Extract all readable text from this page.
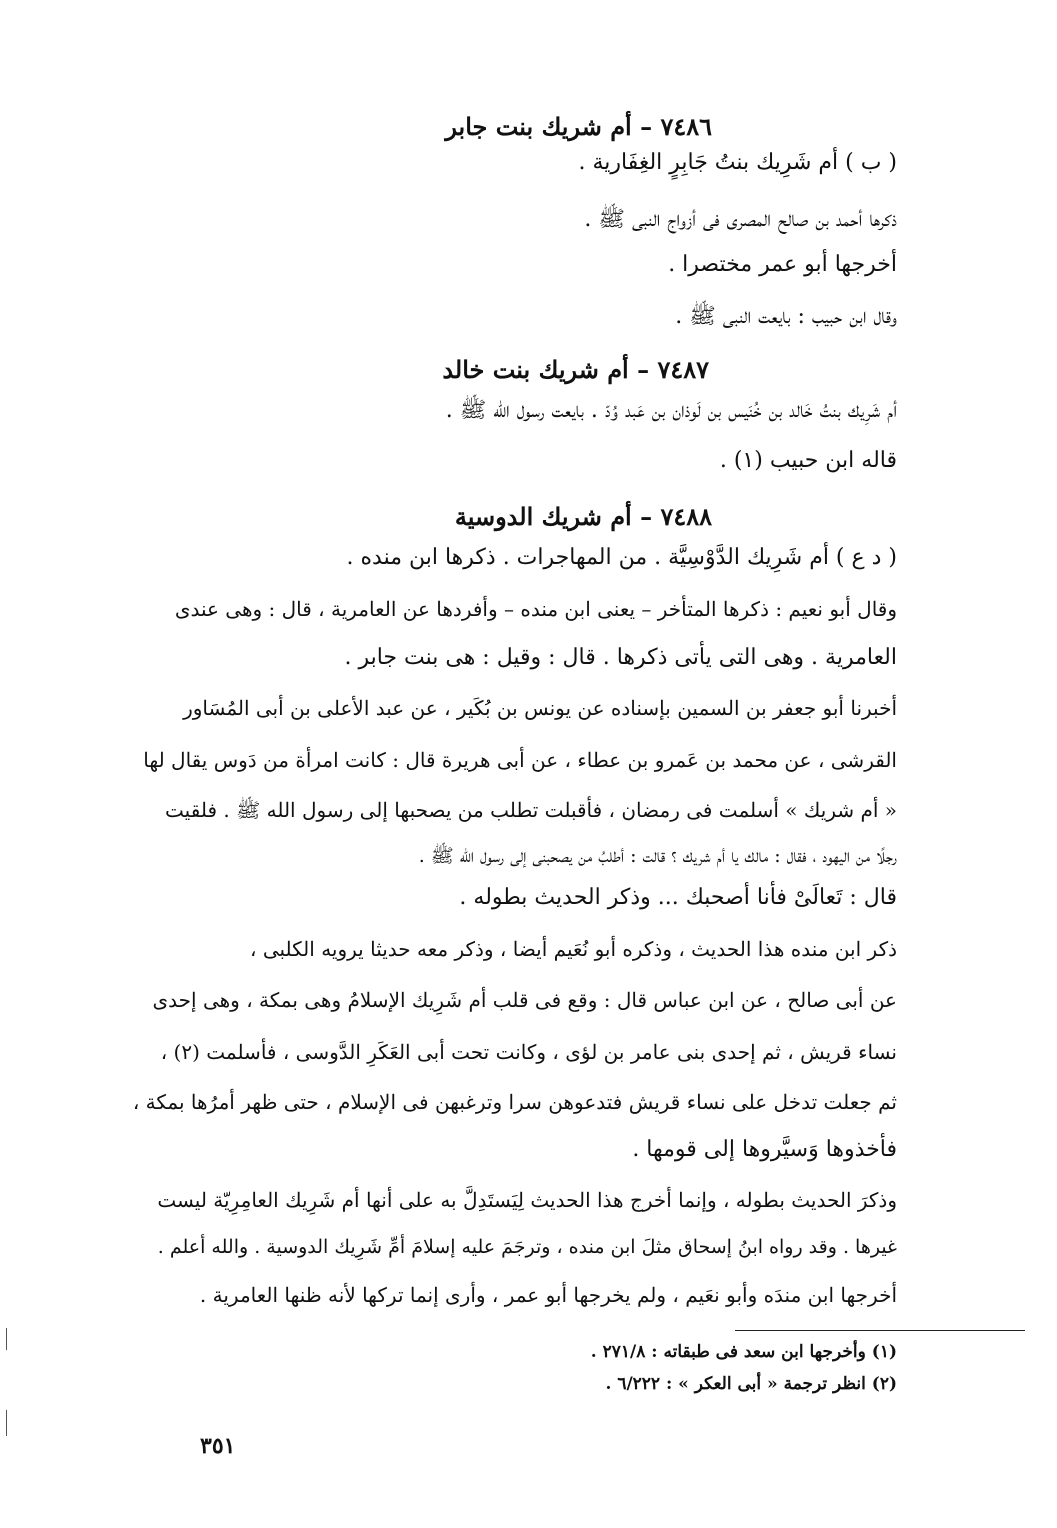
٧٤٨٦ – أم شريك بنت جابر
( ب ) أم شَرِيك بنتُ جَابِرٍ الغِفَارية .
ذكرها أحمد بن صالح المصرى فى أزواج النبى ﷺ .
أخرجها أبو عمر مختصرا .
وقال ابن حبيب : بايعت النبى ﷺ .
٧٤٨٧ – أم شريك بنت خالد
أم شَرِيك بنتُ خَالد بن خُنَيس بن لَوذان بن عَبد وُدّ . بايعت رسول الله ﷺ .
قاله ابن حبيب (١) .
٧٤٨٨ – أم شريك الدوسية
( د ع ) أم شَرِيك الدَّوْسِيَّة . من المهاجرات . ذكرها ابن منده .
وقال أبو نعيم : ذكرها المتأخر – يعنى ابن منده – وأفردها عن العامرية ، قال : وهى عندى
العامرية . وهى التى يأتى ذكرها . قال : وقيل : هى بنت جابر .
أخبرنا أبو جعفر بن السمين بإسناده عن يونس بن بُكَير ، عن عبد الأعلى بن أبى المُسَاور
القرشى ، عن محمد بن عَمرو بن عطاء ، عن أبى هريرة قال : كانت امرأة من دَوس يقال لها
« أم شريك » أسلمت فى رمضان ، فأقبلت تطلب من يصحبها إلى رسول الله ﷺ . فلقيت
رجلًا من اليهود ، فقال : مالك يا أم شريك ؟ قالت : أطلبُ من يصحبنى إلى رسول الله ﷺ .
قال : تَعالَىْ فأنا أصحبك ... وذكر الحديث بطوله .
ذكر ابن منده هذا الحديث ، وذكره أبو نُعَيم أيضا ، وذكر معه حديثا يرويه الكلبى ،
عن أبى صالح ، عن ابن عباس قال : وقع فى قلب أم شَرِيك الإسلامُ وهى بمكة ، وهى إحدى
نساء قريش ، ثم إحدى بنى عامر بن لؤى ، وكانت تحت أبى العَكَرِ الدَّوسى ، فأسلمت (٢) ،
ثم جعلت تدخل على نساء قريش فتدعوهن سرا وترغبهن فى الإسلام ، حتى ظهر أمرُها بمكة ،
فأخذوها وَسيَّروها إلى قومها .
وذكرَ الحديث بطوله ، وإنما أخرج هذا الحديث لِيَستَدِلَّ به على أنها أم شَرِيك العامِرِيّة ليست
غيرها . وقد رواه ابنُ إسحاق مثلَ ابن منده ، وترجَمَ عليه إسلامَ أمِّ شَرِيك الدوسية . والله أعلم .
أخرجها ابن مندَه وأبو نعَيم ، ولم يخرجها أبو عمر ، وأرى إنما تركها لأنه ظنها العامرية .
(١) وأخرجها ابن سعد فى طبقاته : ٢٧١/٨ .
(٢) انظر ترجمة « أبى العكر » : ٦/٢٢٢ .
٣٥١
